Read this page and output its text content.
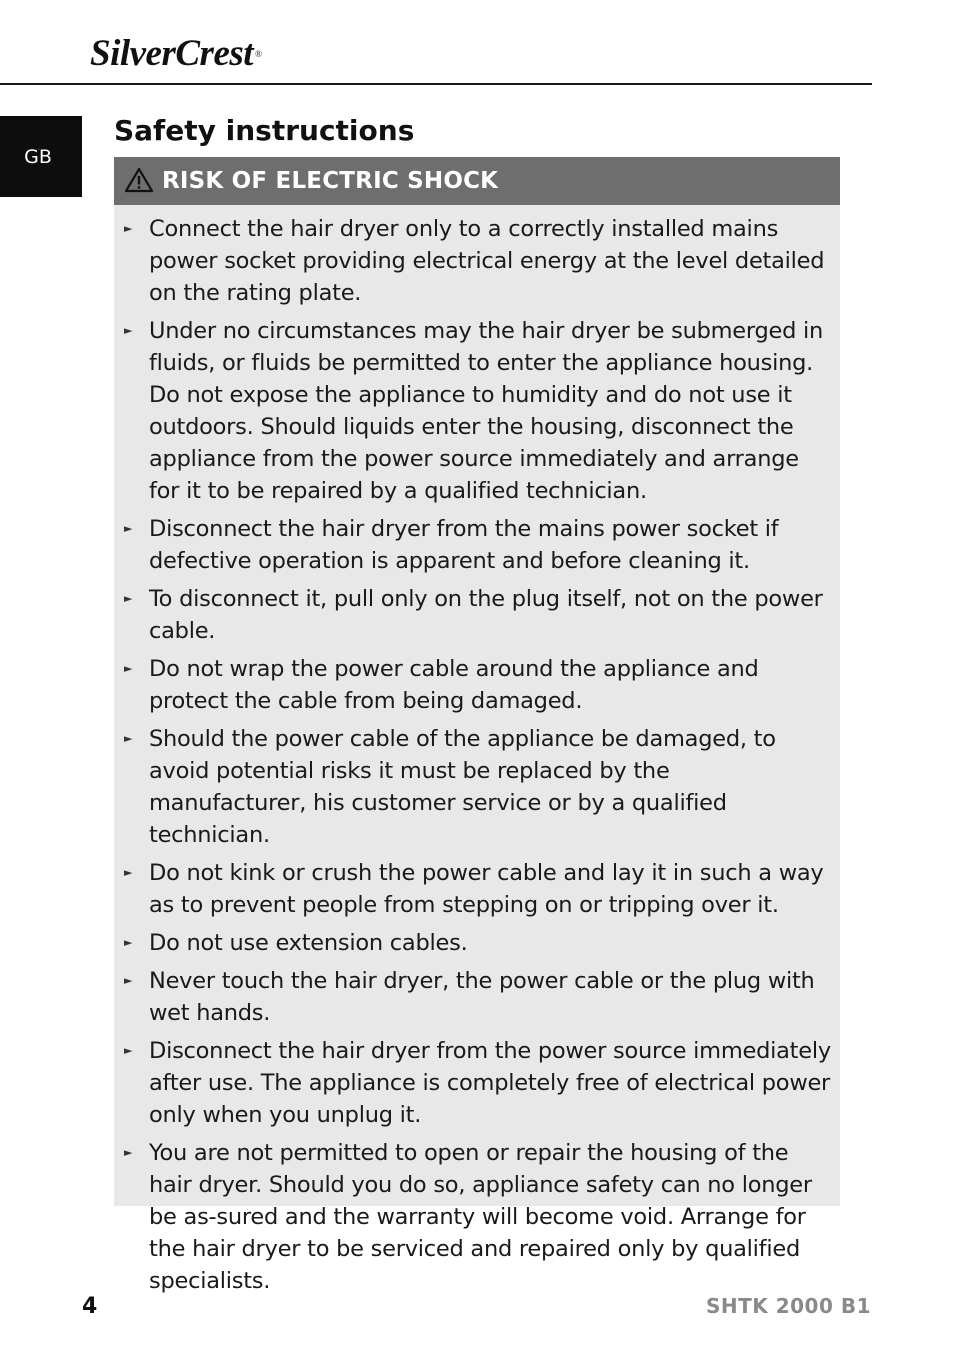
SilverCrest ®
GB
Safety instructions
RISK OF ELECTRIC SHOCK
► Connect the hair dryer only to a correctly installed mains power socket providing electrical energy at the level detailed on the rating plate.
► Under no circumstances may the hair dryer be submerged in fluids, or fluids be permitted to enter the appliance housing. Do not expose the appliance to humidity and do not use it outdoors. Should liquids enter the housing, disconnect the appliance from the power source immediately and arrange for it to be repaired by a qualified technician.
► Disconnect the hair dryer from the mains power socket if defective operation is apparent and before cleaning it.
► To disconnect it, pull only on the plug itself, not on the power cable.
► Do not wrap the power cable around the appliance and protect the cable from being damaged.
► Should the power cable of the appliance be damaged, to avoid potential risks it must be replaced by the manufacturer, his customer service or by a qualified technician.
► Do not kink or crush the power cable and lay it in such a way as to prevent people from stepping on or tripping over it.
► Do not use extension cables.
► Never touch the hair dryer, the power cable or the plug with wet hands.
► Disconnect the hair dryer from the power source immediately after use. The appliance is completely free of electrical power only when you unplug it.
► You are not permitted to open or repair the housing of the hair dryer. Should you do so, appliance safety can no longer be as-sured and the warranty will become void. Arrange for the hair dryer to be serviced and repaired only by qualified specialists.
4	SHTK 2000 B1
